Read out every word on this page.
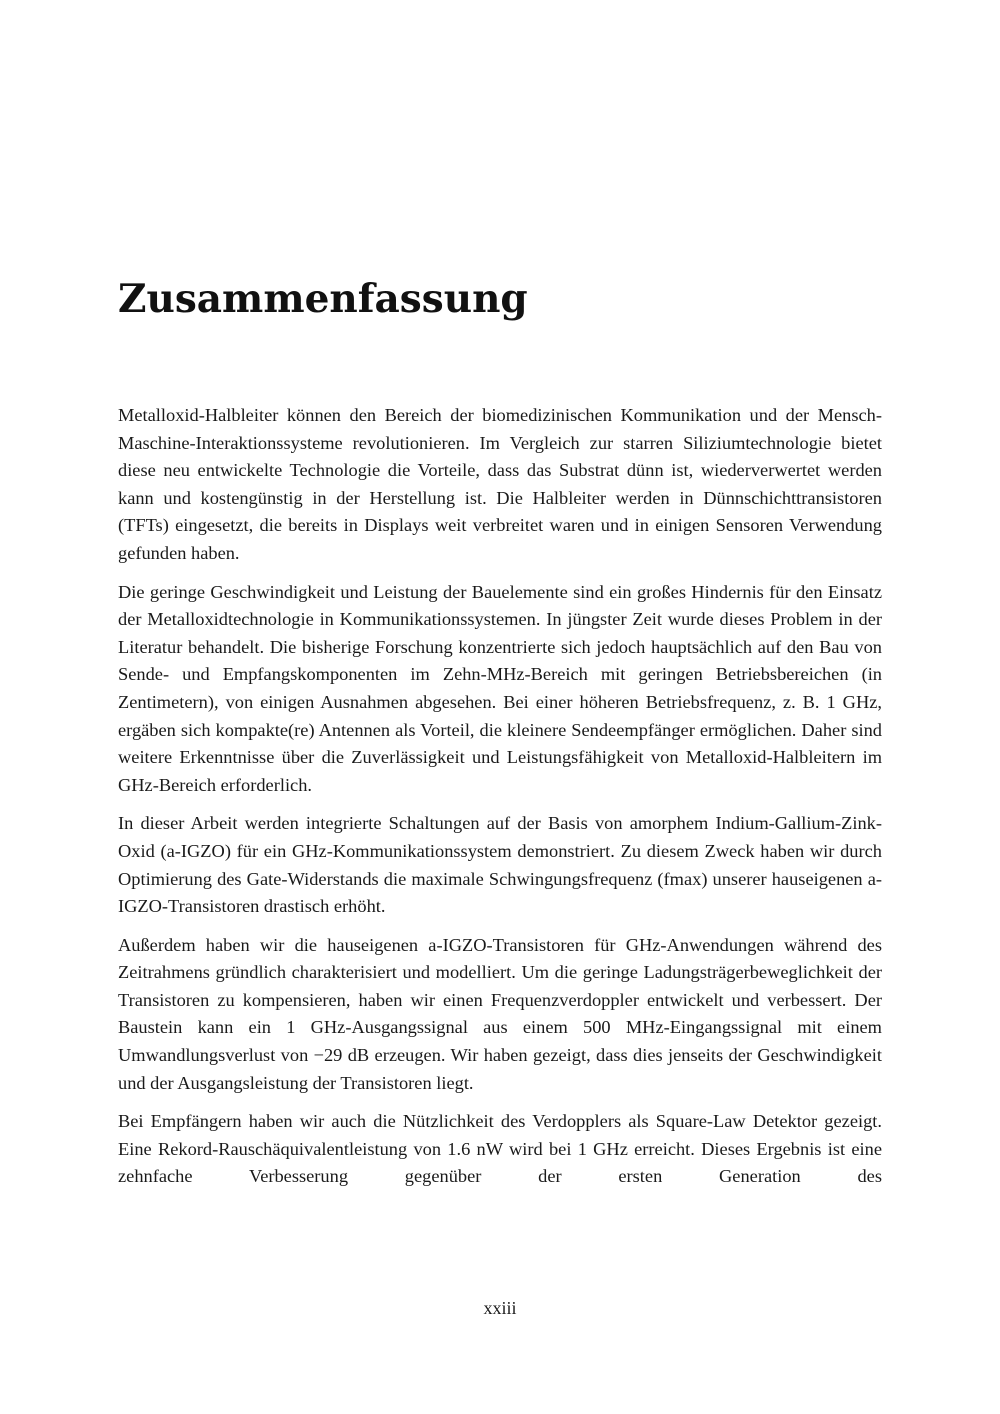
Zusammenfassung

Metalloxid-Halbleiter können den Bereich der biomedizinischen Kommunikation und der Mensch-Maschine-Interaktionssysteme revolutionieren. Im Vergleich zur starren Siliziumtechnologie bietet diese neu entwickelte Technologie die Vorteile, dass das Substrat dünn ist, wiederverwertet werden kann und kostengünstig in der Herstellung ist. Die Halbleiter werden in Dünnschichttransistoren (TFTs) eingesetzt, die bereits in Displays weit verbreitet waren und in einigen Sensoren Verwendung gefunden haben.

Die geringe Geschwindigkeit und Leistung der Bauelemente sind ein großes Hindernis für den Einsatz der Metalloxidtechnologie in Kommunikationssystemen. In jüngster Zeit wurde dieses Problem in der Literatur behandelt. Die bisherige Forschung konzentrierte sich jedoch hauptsächlich auf den Bau von Sende- und Empfangskomponenten im Zehn-MHz-Bereich mit geringen Betriebsbereichen (in Zentimetern), von einigen Ausnahmen abgesehen. Bei einer höheren Betriebsfrequenz, z. B. 1 GHz, ergäben sich kompakte(re) Antennen als Vorteil, die kleinere Sendeempfänger ermöglichen. Daher sind weitere Erkenntnisse über die Zuverlässigkeit und Leistungsfähigkeit von Metalloxid-Halbleitern im GHz-Bereich erforderlich.

In dieser Arbeit werden integrierte Schaltungen auf der Basis von amorphem Indium-Gallium-Zink-Oxid (a-IGZO) für ein GHz-Kommunikationssystem demonstriert. Zu diesem Zweck haben wir durch Optimierung des Gate-Widerstands die maximale Schwingungsfrequenz (fmax) unserer hauseigenen a-IGZO-Transistoren drastisch erhöht.

Außerdem haben wir die hauseigenen a-IGZO-Transistoren für GHz-Anwendungen während des Zeitrahmens gründlich charakterisiert und modelliert. Um die geringe Ladungsträgerbeweglichkeit der Transistoren zu kompensieren, haben wir einen Frequenzverdoppler entwickelt und verbessert. Der Baustein kann ein 1 GHz-Ausgangssignal aus einem 500 MHz-Eingangssignal mit einem Umwandlungsverlust von −29 dB erzeugen. Wir haben gezeigt, dass dies jenseits der Geschwindigkeit und der Ausgangsleistung der Transistoren liegt.

Bei Empfängern haben wir auch die Nützlichkeit des Verdopplers als Square-Law Detektor gezeigt. Eine Rekord-Rauschäquivalentleistung von 1.6 nW wird bei 1 GHz erreicht. Dieses Ergebnis ist eine zehnfache Verbesserung gegenüber der ersten Generation des

xxiii
